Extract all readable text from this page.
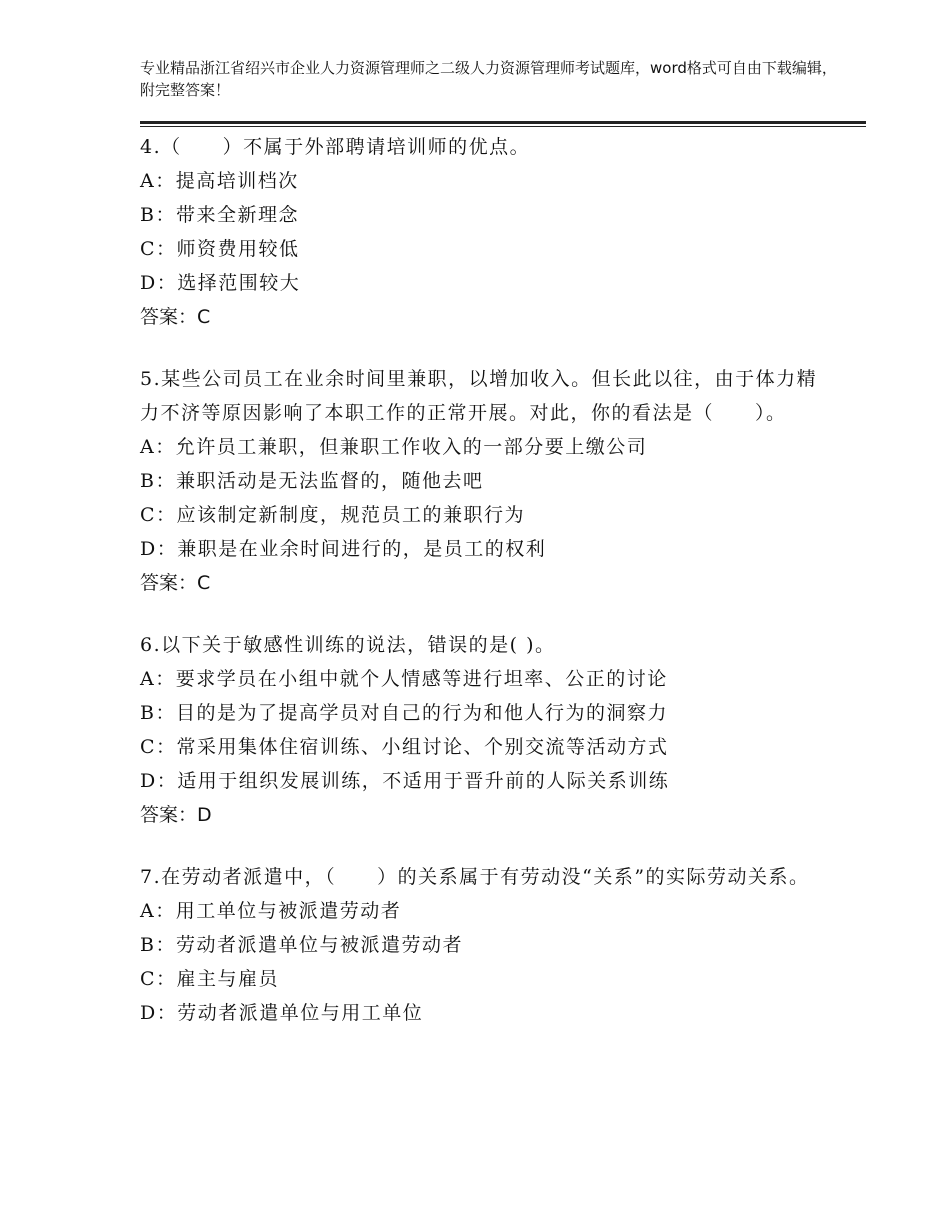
专业精品浙江省绍兴市企业人力资源管理师之二级人力资源管理师考试题库，word格式可自由下载编辑，附完整答案！

4.（　　）不属于外部聘请培训师的优点。

A：提高培训档次

B：带来全新理念

C：师资费用较低

D：选择范围较大

答案：C

5.某些公司员工在业余时间里兼职，以增加收入。但长此以往，由于体力精力不济等原因影响了本职工作的正常开展。对此，你的看法是（　　）。

A：允许员工兼职，但兼职工作收入的一部分要上缴公司

B：兼职活动是无法监督的，随他去吧

C：应该制定新制度，规范员工的兼职行为

D：兼职是在业余时间进行的，是员工的权利

答案：C

6.以下关于敏感性训练的说法，错误的是( )。

A：要求学员在小组中就个人情感等进行坦率、公正的讨论

B：目的是为了提高学员对自己的行为和他人行为的洞察力

C：常采用集体住宿训练、小组讨论、个别交流等活动方式

D：适用于组织发展训练，不适用于晋升前的人际关系训练

答案：D

7.在劳动者派遣中，（　　）的关系属于有劳动没“关系”的实际劳动关系。

A：用工单位与被派遣劳动者

B：劳动者派遣单位与被派遣劳动者

C：雇主与雇员

D：劳动者派遣单位与用工单位
